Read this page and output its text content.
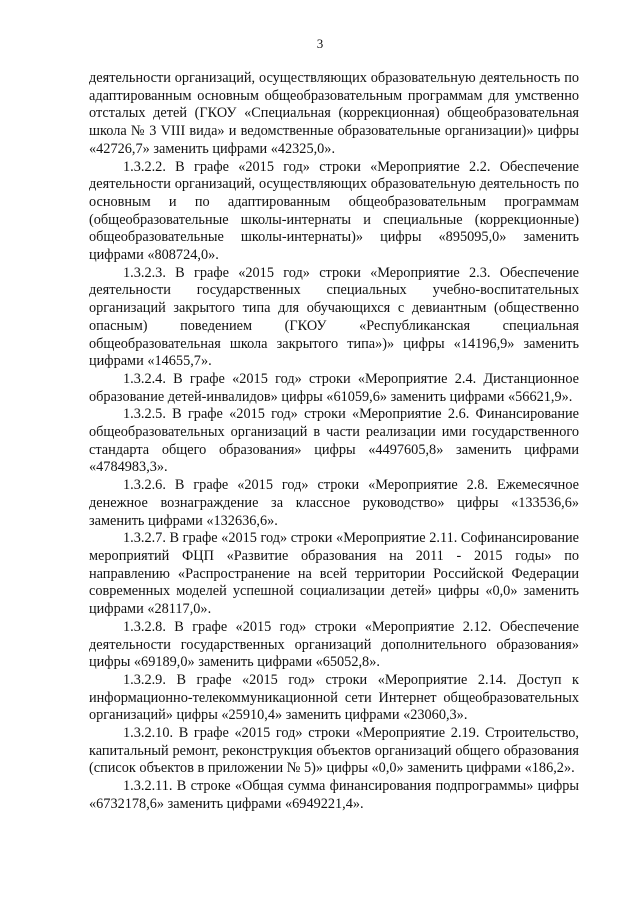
3

деятельности организаций, осуществляющих образовательную деятельность по адаптированным основным общеобразовательным программам для умственно отсталых детей (ГКОУ «Специальная (коррекционная) общеобразовательная школа № 3 VIII вида» и ведомственные образовательные организации)» цифры «42726,7» заменить цифрами «42325,0».

1.3.2.2. В графе «2015 год» строки «Мероприятие 2.2. Обеспечение деятельности организаций, осуществляющих образовательную деятельность по основным и по адаптированным общеобразовательным программам (общеобразовательные школы-интернаты и специальные (коррекционные) общеобразовательные школы-интернаты)» цифры «895095,0» заменить цифрами «808724,0».

1.3.2.3. В графе «2015 год» строки «Мероприятие 2.3. Обеспечение деятельности государственных специальных учебно-воспитательных организаций закрытого типа для обучающихся с девиантным (общественно опасным) поведением (ГКОУ «Республиканская специальная общеобразовательная школа закрытого типа»)» цифры «14196,9» заменить цифрами «14655,7».

1.3.2.4. В графе «2015 год» строки «Мероприятие 2.4. Дистанционное образование детей-инвалидов» цифры «61059,6» заменить цифрами «56621,9».

1.3.2.5. В графе «2015 год» строки «Мероприятие 2.6. Финансирование общеобразовательных организаций в части реализации ими государственного стандарта общего образования» цифры «4497605,8» заменить цифрами «4784983,3».

1.3.2.6. В графе «2015 год» строки «Мероприятие 2.8. Ежемесячное денежное вознаграждение за классное руководство» цифры «133536,6» заменить цифрами «132636,6».

1.3.2.7. В графе «2015 год» строки «Мероприятие 2.11. Софинансирование мероприятий ФЦП «Развитие образования на 2011 - 2015 годы» по направлению «Распространение на всей территории Российской Федерации современных моделей успешной социализации детей» цифры «0,0» заменить цифрами «28117,0».

1.3.2.8. В графе «2015 год» строки «Мероприятие 2.12. Обеспечение деятельности государственных организаций дополнительного образования» цифры «69189,0» заменить цифрами «65052,8».

1.3.2.9. В графе «2015 год» строки «Мероприятие 2.14. Доступ к информационно-телекоммуникационной сети Интернет общеобразовательных организаций» цифры «25910,4» заменить цифрами «23060,3».

1.3.2.10. В графе «2015 год» строки «Мероприятие 2.19. Строительство, капитальный ремонт, реконструкция объектов организаций общего образования (список объектов в приложении № 5)» цифры «0,0» заменить цифрами «186,2».

1.3.2.11. В строке «Общая сумма финансирования подпрограммы» цифры «6732178,6» заменить цифрами «6949221,4».
